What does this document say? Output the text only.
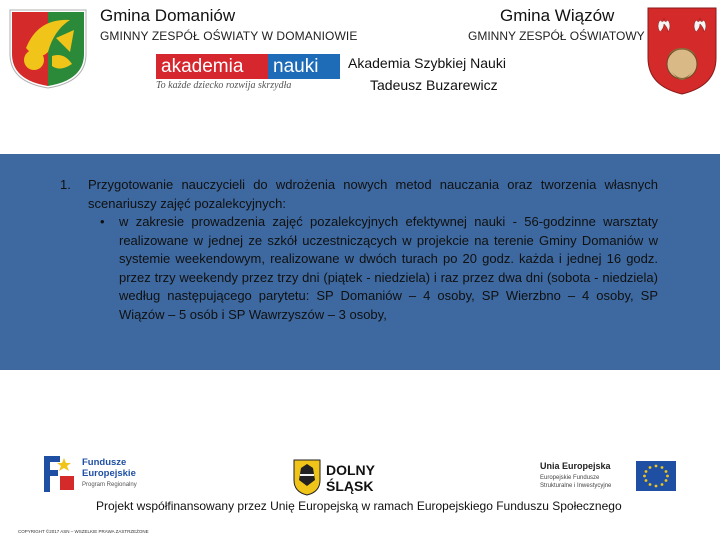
Gmina Domaniów
GMINNY ZESPÓŁ OŚWIATY W DOMANIOWIE
Gmina Wiązów
GMINNY ZESPÓŁ OŚWIATOWY
akademia	nauki
To każde dziecko rozwija skrzydła
Akademia Szybkiej Nauki
Tadeusz Buzarewicz
1. Przygotowanie nauczycieli do wdrożenia nowych metod nauczania oraz tworzenia własnych scenariuszy zajęć pozalekcyjnych:
• w zakresie prowadzenia zajęć pozalekcyjnych efektywnej nauki - 56-godzinne warsztaty realizowane w jednej ze szkół uczestniczących w projekcie na terenie Gminy Domaniów w systemie weekendowym, realizowane w dwóch turach po 20 godz. każda i jednej 16 godz. przez trzy weekendy przez trzy dni (piątek - niedziela) i raz przez dwa dni (sobota - niedziela) według następującego parytetu: SP Domaniów – 4 osoby, SP Wierzbno – 4 osoby, SP Wiązów – 5 osób i SP Wawrzyszów – 3 osoby,
Fundusze
Europejskie
Program Regionalny
DOLNY
ŚLĄSK
Unia Europejska
Europejskie Fundusze
Strukturalne i Inwestycyjne
Projekt współfinansowany przez Unię Europejską w ramach Europejskiego Funduszu Społecznego
COPYRIGHT ©2017 ASN – WSZELKIE PRAWA ZASTRZEŻONE
